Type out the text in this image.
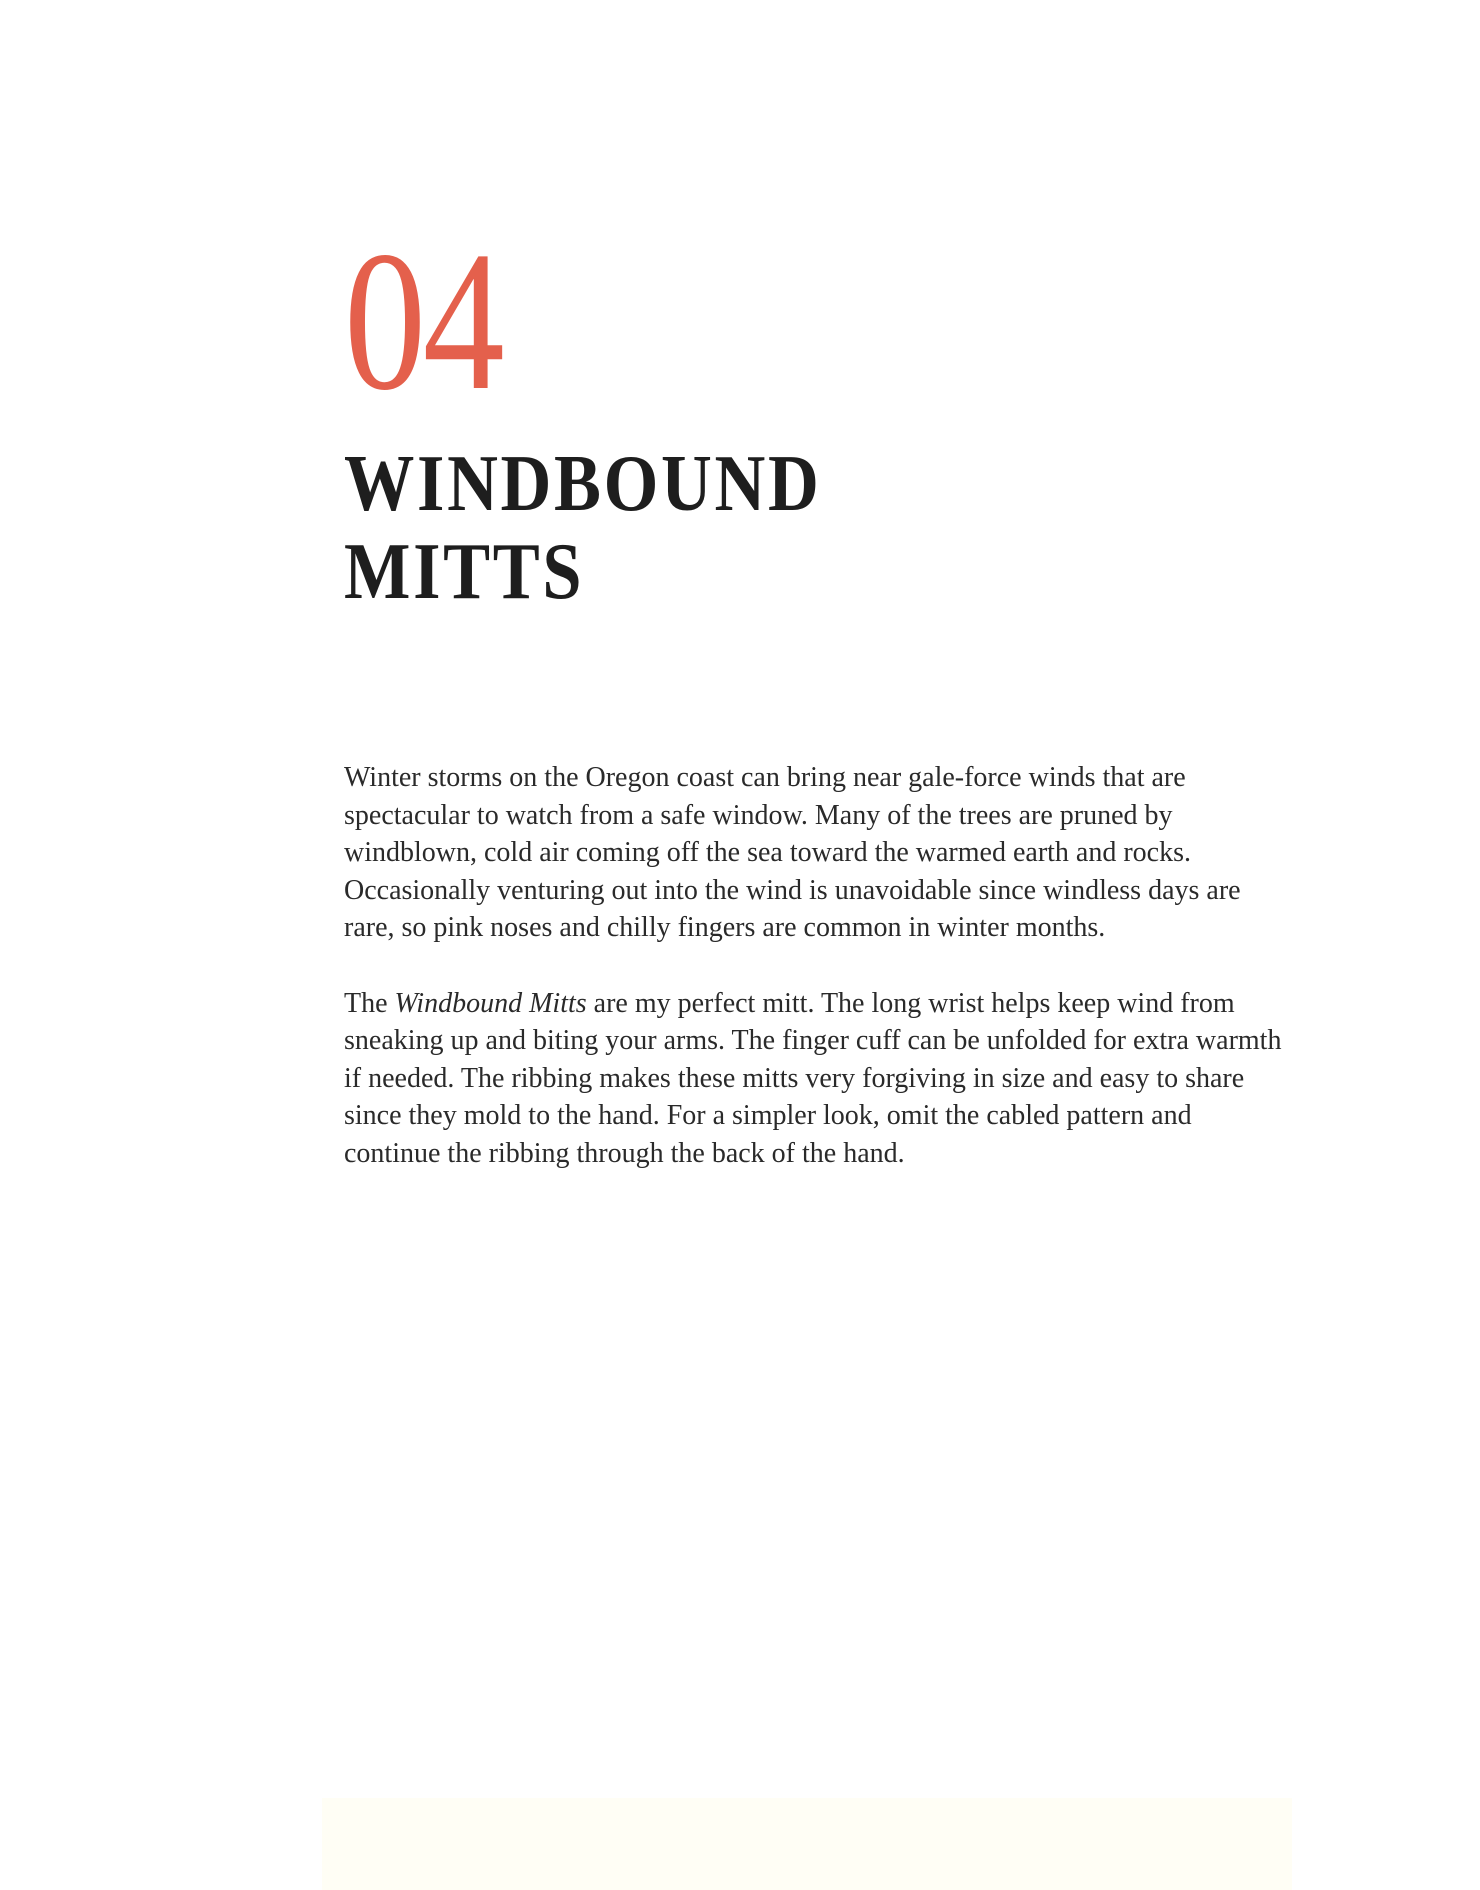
04
WINDBOUND
MITTS

Winter storms on the Oregon coast can bring near gale-force winds that are
spectacular to watch from a safe window. Many of the trees are pruned by
windblown, cold air coming off the sea toward the warmed earth and rocks.
Occasionally venturing out into the wind is unavoidable since windless days are
rare, so pink noses and chilly fingers are common in winter months.

The Windbound Mitts are my perfect mitt. The long wrist helps keep wind from
sneaking up and biting your arms. The finger cuff can be unfolded for extra warmth
if needed. The ribbing makes these mitts very forgiving in size and easy to share
since they mold to the hand. For a simpler look, omit the cabled pattern and
continue the ribbing through the back of the hand.
